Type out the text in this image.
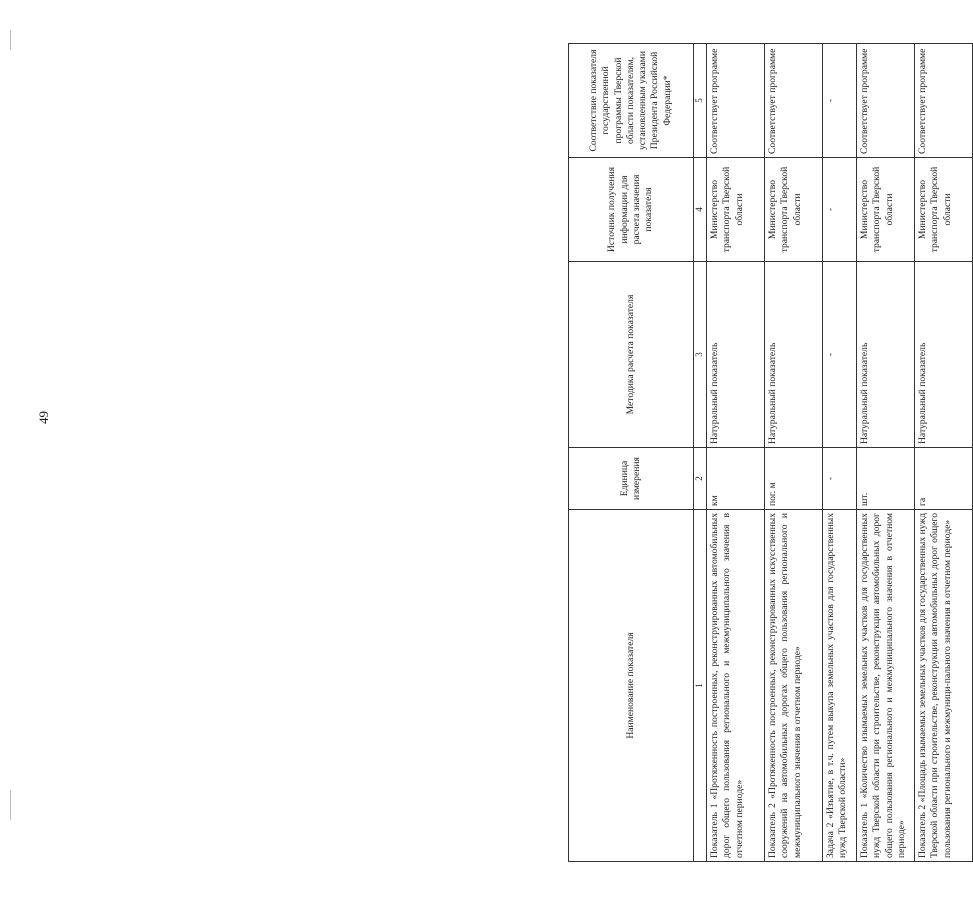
49
Наименование показателя	Единица измерения	Методика расчета показателя	Источник получения информации для расчета значения показателя	Соответствие показателя государственной программы Тверской области показателям, установленным указами Президента Российской Федерации*
1	2	3	4	5
Показатель 1 «Протяженность построенных, реконструированных автомобильных дорог общего пользования регионального и межмуниципального значения в отчетном периоде»	км	Натуральный показатель	Министерство транспорта Тверской области	Соответствует программе
Показатель 2 «Протяженность построенных, реконструированных искусственных сооружений на автомобильных дорогах общего пользования регионального и межмуниципального значения в отчетном периоде»	пог. м	Натуральный показатель	Министерство транспорта Тверской области	Соответствует программе
Задача 2 «Изъятие, в т.ч. путем выкупа земельных участков для государственных нужд Тверской области»	-	-	-	-
Показатель 1 «Количество изымаемых земельных участков для государственных нужд Тверской области при строительстве, реконструкции автомобильных дорог общего пользования регионального и межмуниципального значения в отчетном периоде»	шт.	Натуральный показатель	Министерство транспорта Тверской области	Соответствует программе
Показатель 2 «Площадь изымаемых земельных участков для государственных нужд Тверской области при строительстве, реконструкции автомобильных дорог общего пользования регионального и межмуници-пального значения в отчетном периоде»	га	Натуральный показатель	Министерство транспорта Тверской области	Соответствует программе
